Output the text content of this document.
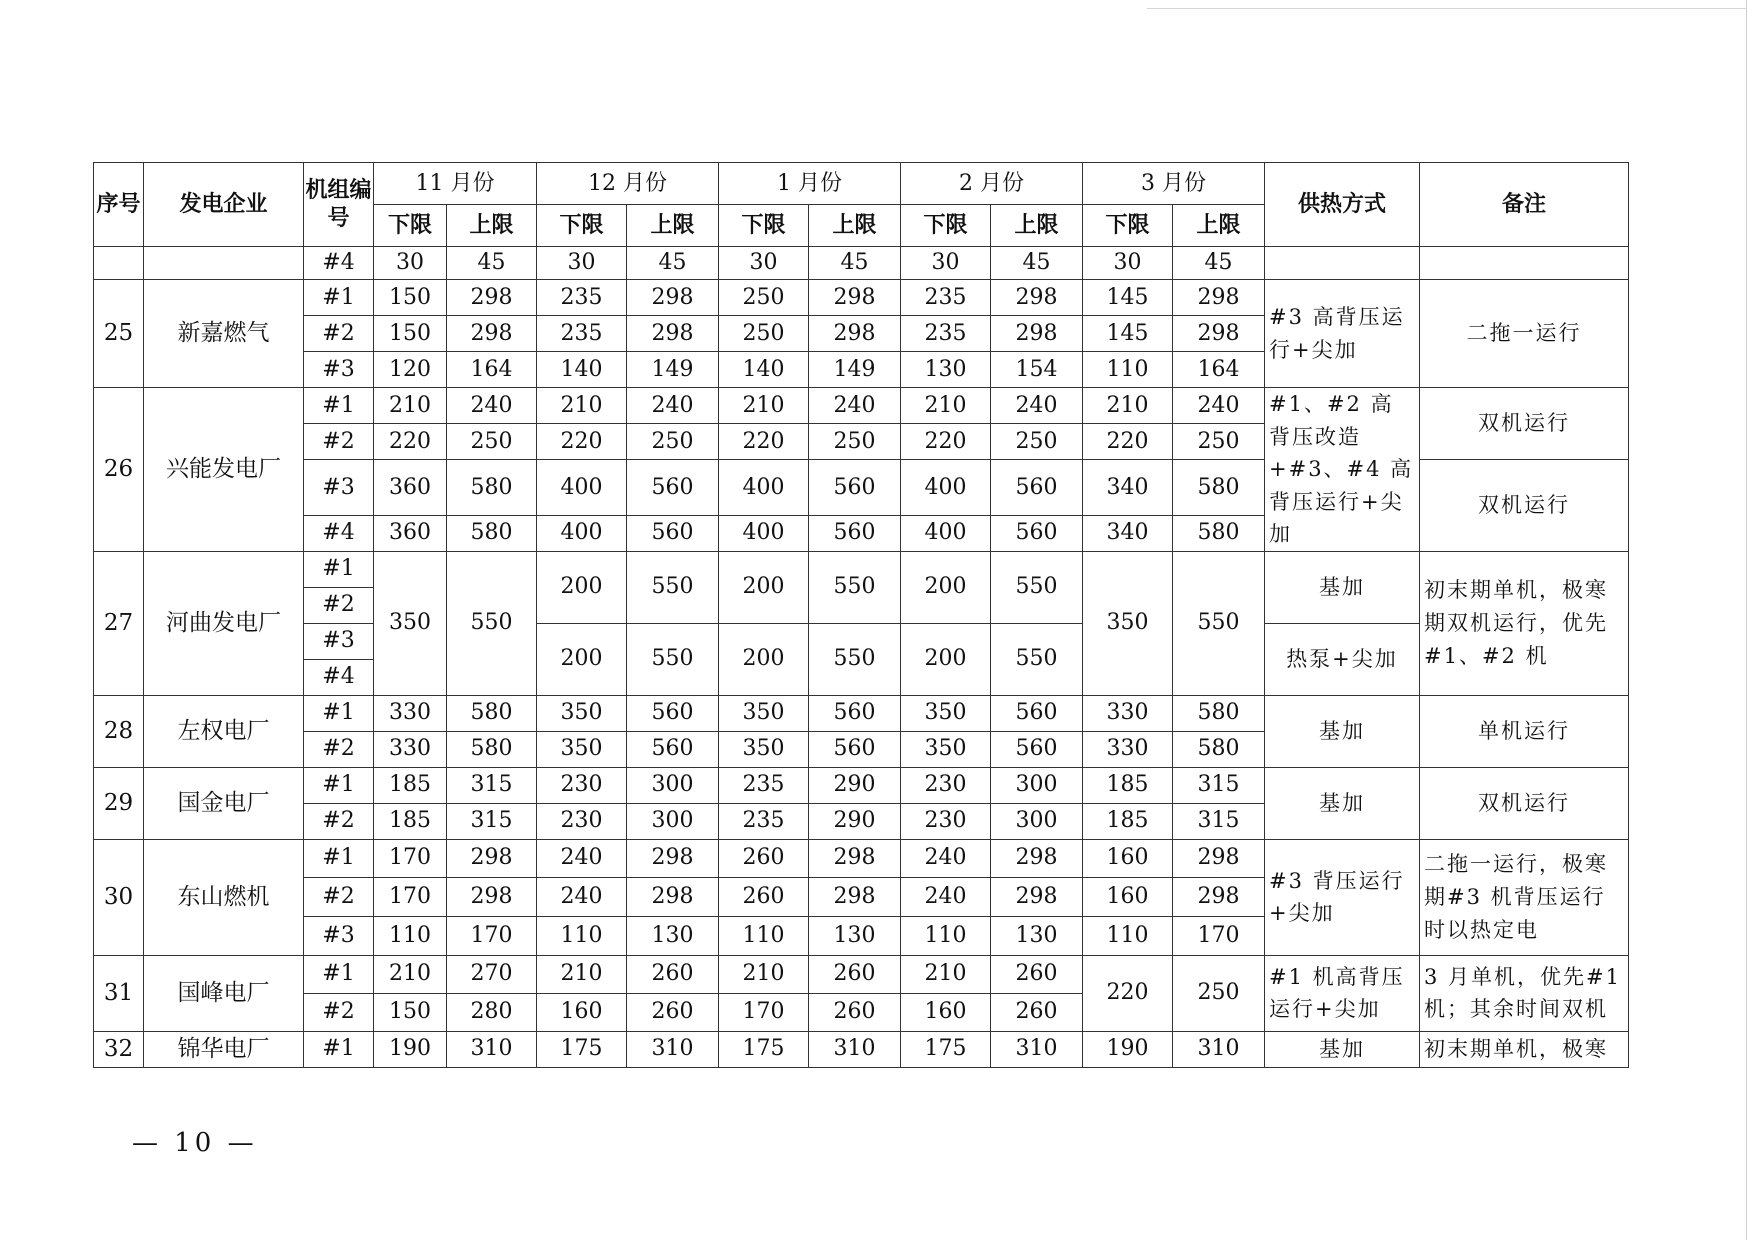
序号	发电企业	机组编号	11 月份		12 月份		1 月份		2 月份		3 月份		供热方式	备注
			下限	上限	下限	上限	下限	上限	下限	上限	下限	上限		
		#4	30	45	30	45	30	45	30	45	30	45		
25	新嘉燃气	#1	150	298	235	298	250	298	235	298	145	298	#3 高背压运行+尖加	二拖一运行
		#2	150	298	235	298	250	298	235	298	145	298		
		#3	120	164	140	149	140	149	130	154	110	164		
26	兴能发电厂	#1	210	240	210	240	210	240	210	240	210	240	#1、#2 高背压改造+#3、#4 高背压运行+尖加	双机运行
		#2	220	250	220	250	220	250	220	250	220	250		
		#3	360	580	400	560	400	560	400	560	340	580		双机运行
		#4	360	580	400	560	400	560	400	560	340	580		
27	河曲发电厂	#1	350	550	200	550	200	550	200	550	350	550	基加	初末期单机，极寒期双机运行，优先#1、#2 机
		#2												
		#3			200	550	200	550	200	550			热泵+尖加	
		#4												
28	左权电厂	#1	330	580	350	560	350	560	350	560	330	580	基加	单机运行
		#2	330	580	350	560	350	560	350	560	330	580		
29	国金电厂	#1	185	315	230	300	235	290	230	300	185	315	基加	双机运行
		#2	185	315	230	300	235	290	230	300	185	315		
30	东山燃机	#1	170	298	240	298	260	298	240	298	160	298	#3 背压运行+尖加	二拖一运行，极寒期#3 机背压运行时以热定电
		#2	170	298	240	298	260	298	240	298	160	298		
		#3	110	170	110	130	110	130	110	130	110	170		
31	国峰电厂	#1	210	270	210	260	210	260	210	260	220	250	#1 机高背压运行+尖加	3 月单机，优先#1 机；其余时间双机
		#2	150	280	160	260	170	260	160	260				
32	锦华电厂	#1	190	310	175	310	175	310	175	310	190	310	基加	初末期单机，极寒
— 10 —
